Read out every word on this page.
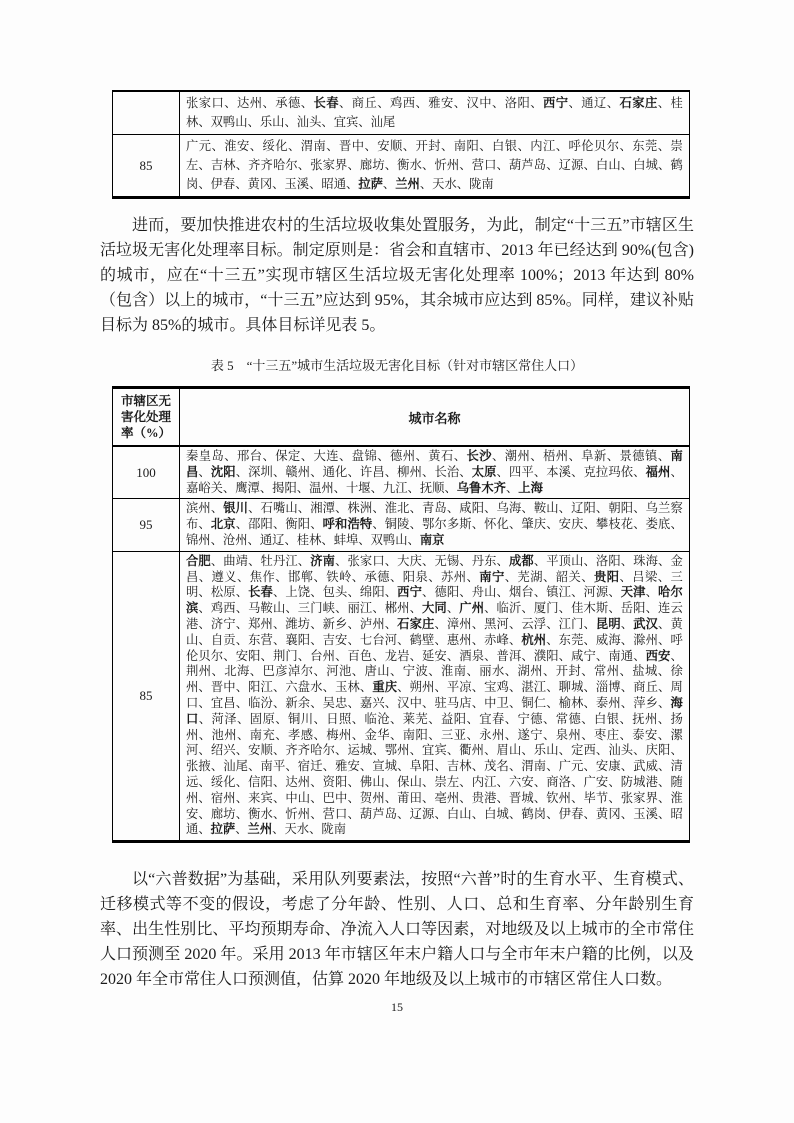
	张家口、达州、承德、长春、商丘、鸡西、雅安、汉中、洛阳、西宁、通辽、石家庄、桂林、双鸭山、乐山、汕头、宜宾、汕尾
85	广元、淮安、绥化、渭南、晋中、安顺、开封、南阳、白银、内江、呼伦贝尔、东莞、崇左、吉林、齐齐哈尔、张家界、廊坊、衡水、忻州、营口、葫芦岛、辽源、白山、白城、鹤岗、伊春、黄冈、玉溪、昭通、拉萨、兰州、天水、陇南

进而，要加快推进农村的生活垃圾收集处置服务，为此，制定“十三五”市辖区生活垃圾无害化处理率目标。制定原则是：省会和直辖市、2013 年已经达到 90%(包含)的城市，应在“十三五”实现市辖区生活垃圾无害化处理率 100%；2013 年达到 80%（包含）以上的城市，“十三五”应达到 95%，其余城市应达到 85%。同样，建议补贴目标为 85%的城市。具体目标详见表 5。

表 5　“十三五”城市生活垃圾无害化目标（针对市辖区常住人口）
市辖区无害化处理率（%）	城市名称
100	秦皇岛、邢台、保定、大连、盘锦、德州、黄石、长沙、潮州、梧州、阜新、景德镇、南昌、沈阳、深圳、赣州、通化、许昌、柳州、长治、太原、四平、本溪、克拉玛依、福州、嘉峪关、鹰潭、揭阳、温州、十堰、九江、抚顺、乌鲁木齐、上海
95	滨州、银川、石嘴山、湘潭、株洲、淮北、青岛、咸阳、乌海、鞍山、辽阳、朝阳、乌兰察布、北京、邵阳、衡阳、呼和浩特、铜陵、鄂尔多斯、怀化、肇庆、安庆、攀枝花、娄底、锦州、沧州、通辽、桂林、蚌埠、双鸭山、南京
85	合肥、曲靖、牡丹江、济南、张家口、大庆、无锡、丹东、成都、平顶山、洛阳、珠海、金昌、遵义、焦作、邯郸、铁岭、承德、阳泉、苏州、南宁、芜湖、韶关、贵阳、吕梁、三明、松原、长春、上饶、包头、绵阳、西宁、德阳、舟山、烟台、镇江、河源、天津、哈尔滨、鸡西、马鞍山、三门峡、丽江、郴州、大同、广州、临沂、厦门、佳木斯、岳阳、连云港、济宁、郑州、潍坊、新乡、泸州、石家庄、漳州、黑河、云浮、江门、昆明、武汉、黄山、自贡、东营、襄阳、吉安、七台河、鹤壁、惠州、赤峰、杭州、东莞、威海、滁州、呼伦贝尔、安阳、荆门、台州、百色、龙岩、延安、酒泉、普洱、濮阳、咸宁、南通、西安、荆州、北海、巴彦淖尔、河池、唐山、宁波、淮南、丽水、湖州、开封、常州、盐城、徐州、晋中、阳江、六盘水、玉林、重庆、朔州、平凉、宝鸡、湛江、聊城、淄博、商丘、周口、宜昌、临汾、新余、吴忠、嘉兴、汉中、驻马店、中卫、铜仁、榆林、泰州、萍乡、海口、菏泽、固原、铜川、日照、临沧、莱芜、益阳、宜春、宁德、常德、白银、抚州、扬州、池州、南充、孝感、梅州、金华、南阳、三亚、永州、遂宁、泉州、枣庄、泰安、漯河、绍兴、安顺、齐齐哈尔、运城、鄂州、宜宾、衢州、眉山、乐山、定西、汕头、庆阳、张掖、汕尾、南平、宿迁、雅安、宣城、阜阳、吉林、茂名、渭南、广元、安康、武威、清远、绥化、信阳、达州、资阳、佛山、保山、崇左、内江、六安、商洛、广安、防城港、随州、宿州、来宾、中山、巴中、贺州、莆田、亳州、贵港、晋城、钦州、毕节、张家界、淮安、廊坊、衡水、忻州、营口、葫芦岛、辽源、白山、白城、鹤岗、伊春、黄冈、玉溪、昭通、拉萨、兰州、天水、陇南

以“六普数据”为基础，采用队列要素法，按照“六普”时的生育水平、生育模式、迁移模式等不变的假设，考虑了分年龄、性别、人口、总和生育率、分年龄别生育率、出生性别比、平均预期寿命、净流入人口等因素，对地级及以上城市的全市常住人口预测至 2020 年。采用 2013 年市辖区年末户籍人口与全市年末户籍的比例，以及 2020 年全市常住人口预测值，估算 2020 年地级及以上城市的市辖区常住人口数。

15
